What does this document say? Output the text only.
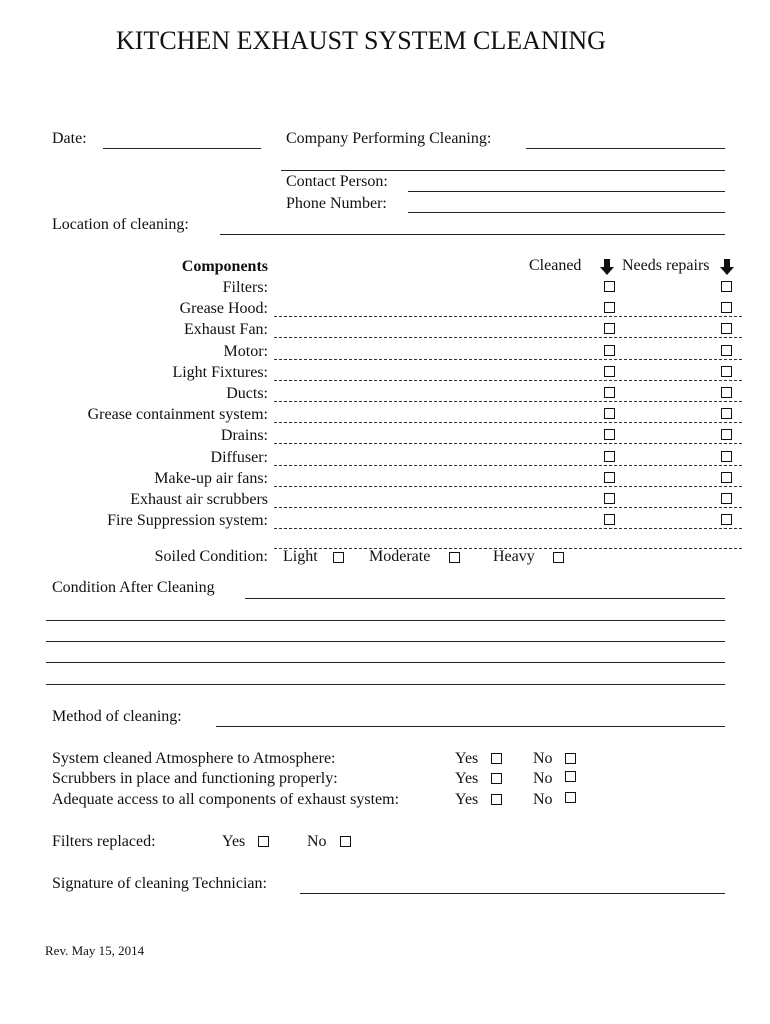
KITCHEN EXHAUST SYSTEM CLEANING
Date:	Company Performing Cleaning:
Contact Person:
Phone Number:
Location of cleaning:
Components	Cleaned	Needs repairs
Filters:
Grease Hood:
Exhaust Fan:
Motor:
Light Fixtures:
Ducts:
Grease containment system:
Drains:
Diffuser:
Make-up air fans:
Exhaust air scrubbers
Fire Suppression system:
Soiled Condition: Light	Moderate	Heavy
Condition After Cleaning
Method of cleaning:
System cleaned Atmosphere to Atmosphere:	Yes	No
Scrubbers in place and functioning properly:	Yes	No
Adequate access to all components of exhaust system:	Yes	No
Filters replaced:	Yes	No
Signature of cleaning Technician:
Rev. May 15, 2014
